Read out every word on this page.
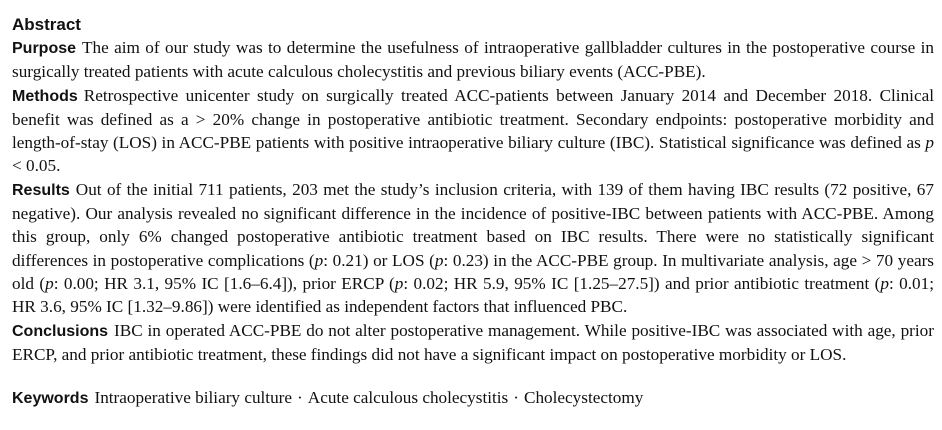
Abstract

Purpose The aim of our study was to determine the usefulness of intraoperative gallbladder cultures in the postoperative course in surgically treated patients with acute calculous cholecystitis and previous biliary events (ACC-PBE).

Methods Retrospective unicenter study on surgically treated ACC-patients between January 2014 and December 2018. Clinical benefit was defined as a > 20% change in postoperative antibiotic treatment. Secondary endpoints: postoperative morbidity and length-of-stay (LOS) in ACC-PBE patients with positive intraoperative biliary culture (IBC). Statistical significance was defined as p < 0.05.

Results Out of the initial 711 patients, 203 met the study’s inclusion criteria, with 139 of them having IBC results (72 positive, 67 negative). Our analysis revealed no significant difference in the incidence of positive-IBC between patients with ACC-PBE. Among this group, only 6% changed postoperative antibiotic treatment based on IBC results. There were no statistically significant differences in postoperative complications (p: 0.21) or LOS (p: 0.23) in the ACC-PBE group. In multivariate analysis, age > 70 years old (p: 0.00; HR 3.1, 95% IC [1.6–6.4]), prior ERCP (p: 0.02; HR 5.9, 95% IC [1.25–27.5]) and prior antibiotic treatment (p: 0.01; HR 3.6, 95% IC [1.32–9.86]) were identified as independent factors that influenced PBC.

Conclusions IBC in operated ACC-PBE do not alter postoperative management. While positive-IBC was associated with age, prior ERCP, and prior antibiotic treatment, these findings did not have a significant impact on postoperative morbidity or LOS.

Keywords Intraoperative biliary culture · Acute calculous cholecystitis · Cholecystectomy
